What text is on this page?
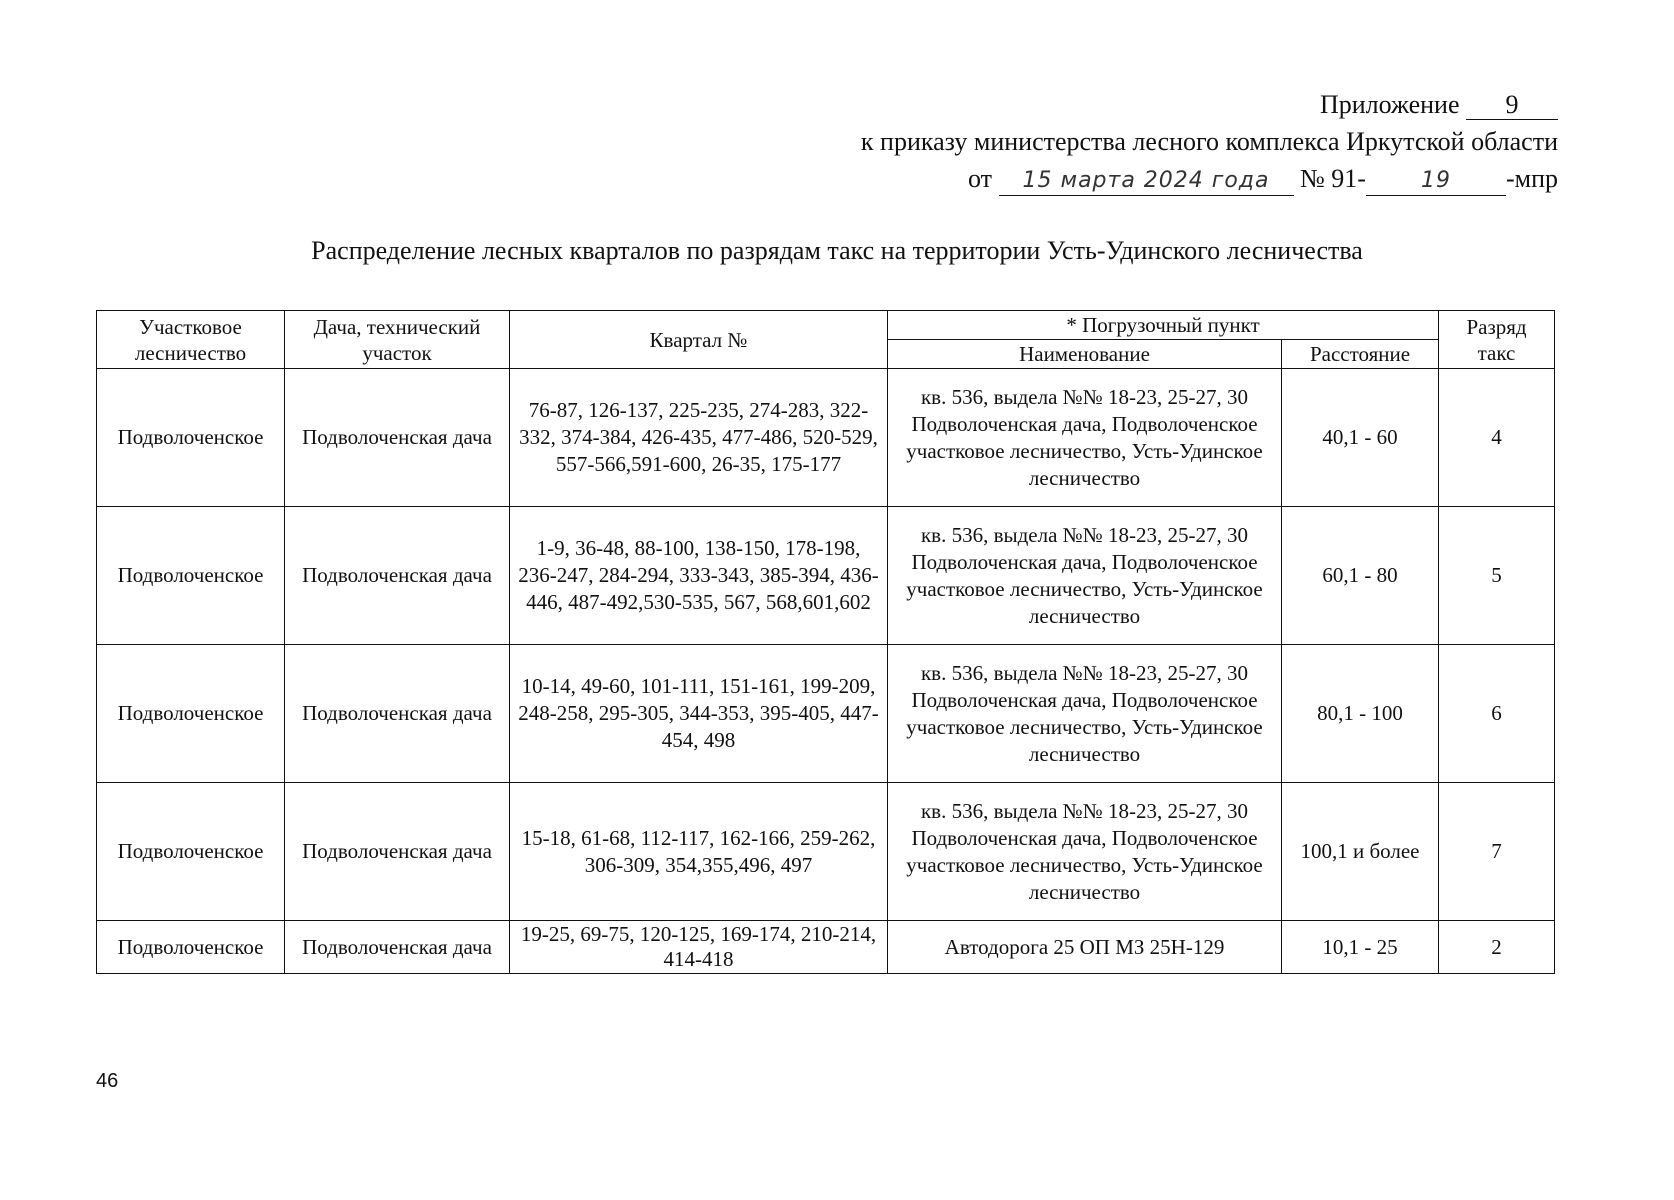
Приложение 9
к приказу министерства лесного комплекса Иркутской области
от 15 марта 2024 года № 91-	19 -мпр
Распределение лесных кварталов по разрядам такс на территории Усть-Удинского лесничества
Участковое лесничество	Дача, технический участок	Квартал №	* Погрузочный пункт		Разряд такс
			Наименование	Расстояние	
Подволоченское	Подволоченская дача	76-87, 126-137, 225-235, 274-283, 322-332, 374-384, 426-435, 477-486, 520-529, 557-566,591-600, 26-35, 175-177	кв. 536, выдела №№ 18-23, 25-27, 30 Подволоченская дача, Подволоченское участковое лесничество, Усть-Удинское лесничество	40,1 - 60	4
Подволоченское	Подволоченская дача	1-9, 36-48, 88-100, 138-150, 178-198, 236-247, 284-294, 333-343, 385-394, 436-446, 487-492,530-535, 567, 568,601,602	кв. 536, выдела №№ 18-23, 25-27, 30 Подволоченская дача, Подволоченское участковое лесничество, Усть-Удинское лесничество	60,1 - 80	5
Подволоченское	Подволоченская дача	10-14, 49-60, 101-111, 151-161, 199-209, 248-258, 295-305, 344-353, 395-405, 447-454, 498	кв. 536, выдела №№ 18-23, 25-27, 30 Подволоченская дача, Подволоченское участковое лесничество, Усть-Удинское лесничество	80,1 - 100	6
Подволоченское	Подволоченская дача	15-18, 61-68, 112-117, 162-166, 259-262, 306-309, 354,355,496, 497	кв. 536, выдела №№ 18-23, 25-27, 30 Подволоченская дача, Подволоченское участковое лесничество, Усть-Удинское лесничество	100,1 и более	7
Подволоченское	Подволоченская дача	19-25, 69-75, 120-125, 169-174, 210-214, 414-418	Автодорога 25 ОП МЗ 25Н-129	10,1 - 25	2
46
